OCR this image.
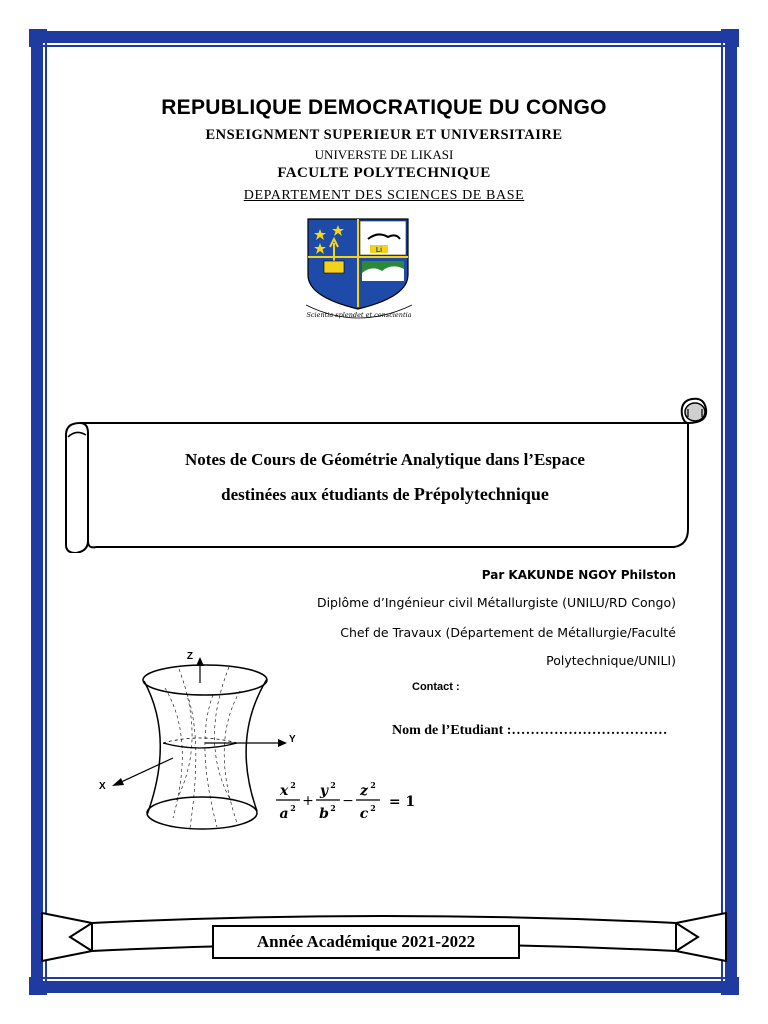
REPUBLIQUE DEMOCRATIQUE DU CONGO
ENSEIGNMENT SUPERIEUR ET UNIVERSITAIRE
UNIVERSTE DE LIKASI
FACULTE POLYTECHNIQUE
DEPARTEMENT DES SCIENCES DE BASE
Li
Scientia splendet et conscientia
Notes de Cours de Géométrie Analytique dans l’Espace
destinées aux étudiants de Prépolytechnique
Par KAKUNDE NGOY Philston
Diplôme d’Ingénieur civil Métallurgiste (UNILU/RD Congo)
Chef de Travaux (Département de Métallurgie/Faculté
Polytechnique/UNILI)
Contact :
Nom de l’Etudiant :……………………………
Z
Y
X	x 2
a 2 +
y 2
b 2 −
z 2
c 2 = 1
Année Académique 2021-2022
